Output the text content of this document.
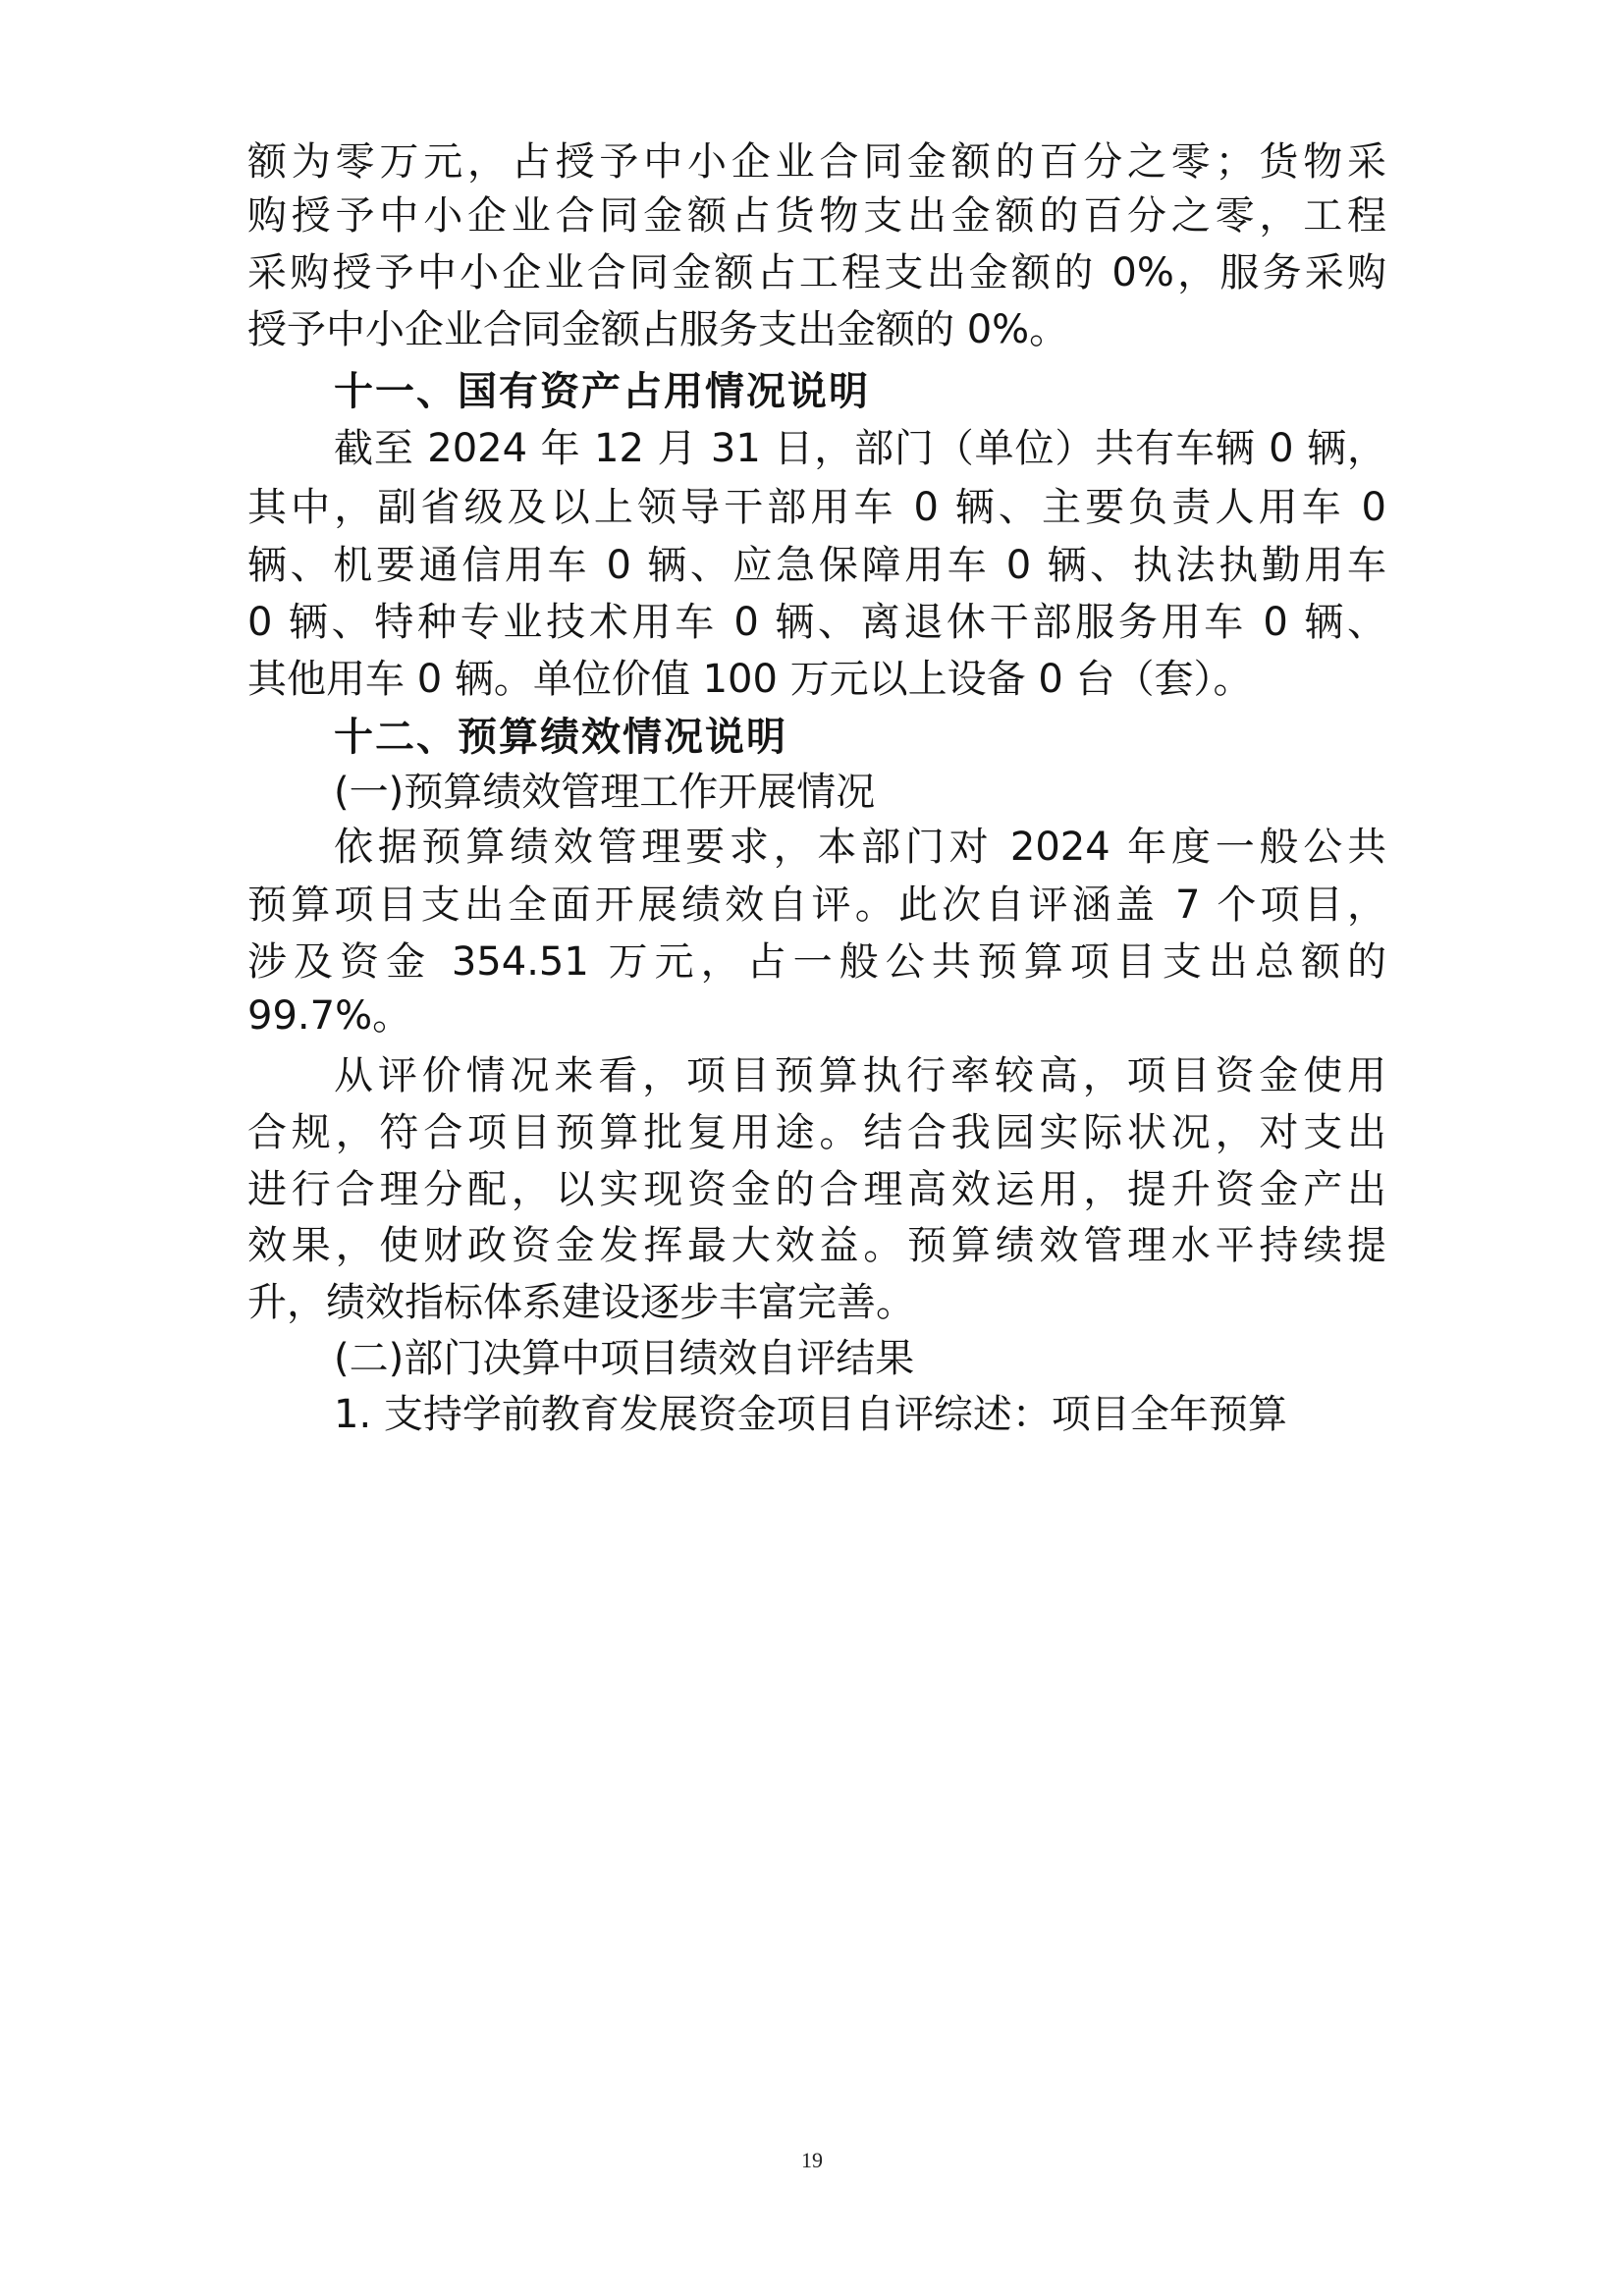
额为零万元，占授予中小企业合同金额的百分之零；货物采
购授予中小企业合同金额占货物支出金额的百分之零，工程
采购授予中小企业合同金额占工程支出金额的 0%，服务采购
授予中小企业合同金额占服务支出金额的 0%。
十一、国有资产占用情况说明
截至 2024 年 12 月 31 日，部门（单位）共有车辆 0 辆，
其中，副省级及以上领导干部用车 0 辆、主要负责人用车 0
辆、机要通信用车 0 辆、应急保障用车 0 辆、执法执勤用车
0 辆、特种专业技术用车 0 辆、离退休干部服务用车 0 辆、
其他用车 0 辆。单位价值 100 万元以上设备 0 台（套）。
十二、预算绩效情况说明
(一)预算绩效管理工作开展情况
依据预算绩效管理要求，本部门对 2024 年度一般公共
预算项目支出全面开展绩效自评。此次自评涵盖 7 个项目，
涉及资金 354.51 万元，占一般公共预算项目支出总额的
99.7%。
从评价情况来看，项目预算执行率较高，项目资金使用
合规，符合项目预算批复用途。结合我园实际状况，对支出
进行合理分配，以实现资金的合理高效运用，提升资金产出
效果，使财政资金发挥最大效益。预算绩效管理水平持续提
升，绩效指标体系建设逐步丰富完善。
(二)部门决算中项目绩效自评结果
1. 支持学前教育发展资金项目自评综述：项目全年预算
19
